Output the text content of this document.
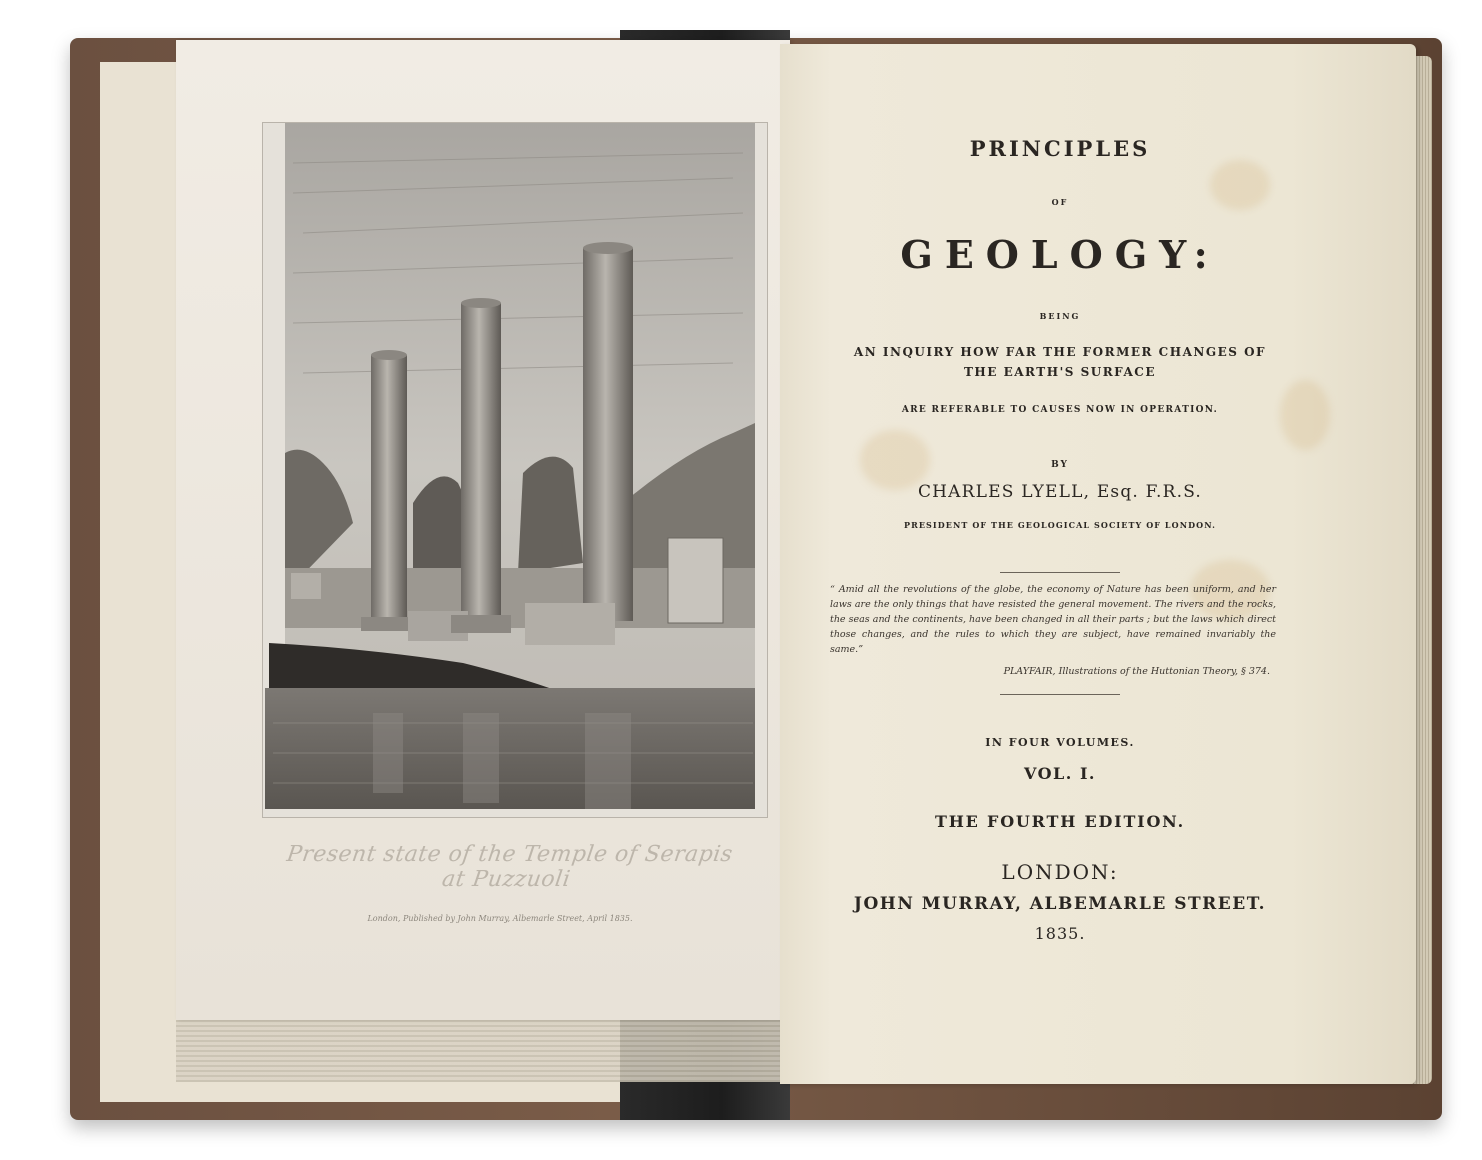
Present state of the Temple of Serapis at Puzzuoli
London, Published by John Murray, Albemarle Street, April 1835.
PRINCIPLES
OF
GEOLOGY:
BEING
AN INQUIRY HOW FAR THE FORMER CHANGES OF
THE EARTH'S SURFACE
ARE REFERABLE TO CAUSES NOW IN OPERATION.
BY
CHARLES LYELL, Esq. F.R.S.
PRESIDENT OF THE GEOLOGICAL SOCIETY OF LONDON.
“ Amid all the revolutions of the globe, the economy of Nature has been uniform, and her laws are the only things that have resisted the general movement. The rivers and the rocks, the seas and the continents, have been changed in all their parts ; but the laws which direct those changes, and the rules to which they are subject, have remained invariably the same.”
PLAYFAIR, Illustrations of the Huttonian Theory, § 374.
IN FOUR VOLUMES.
VOL. I.
THE FOURTH EDITION.
LONDON:
JOHN MURRAY, ALBEMARLE STREET.
1835.
